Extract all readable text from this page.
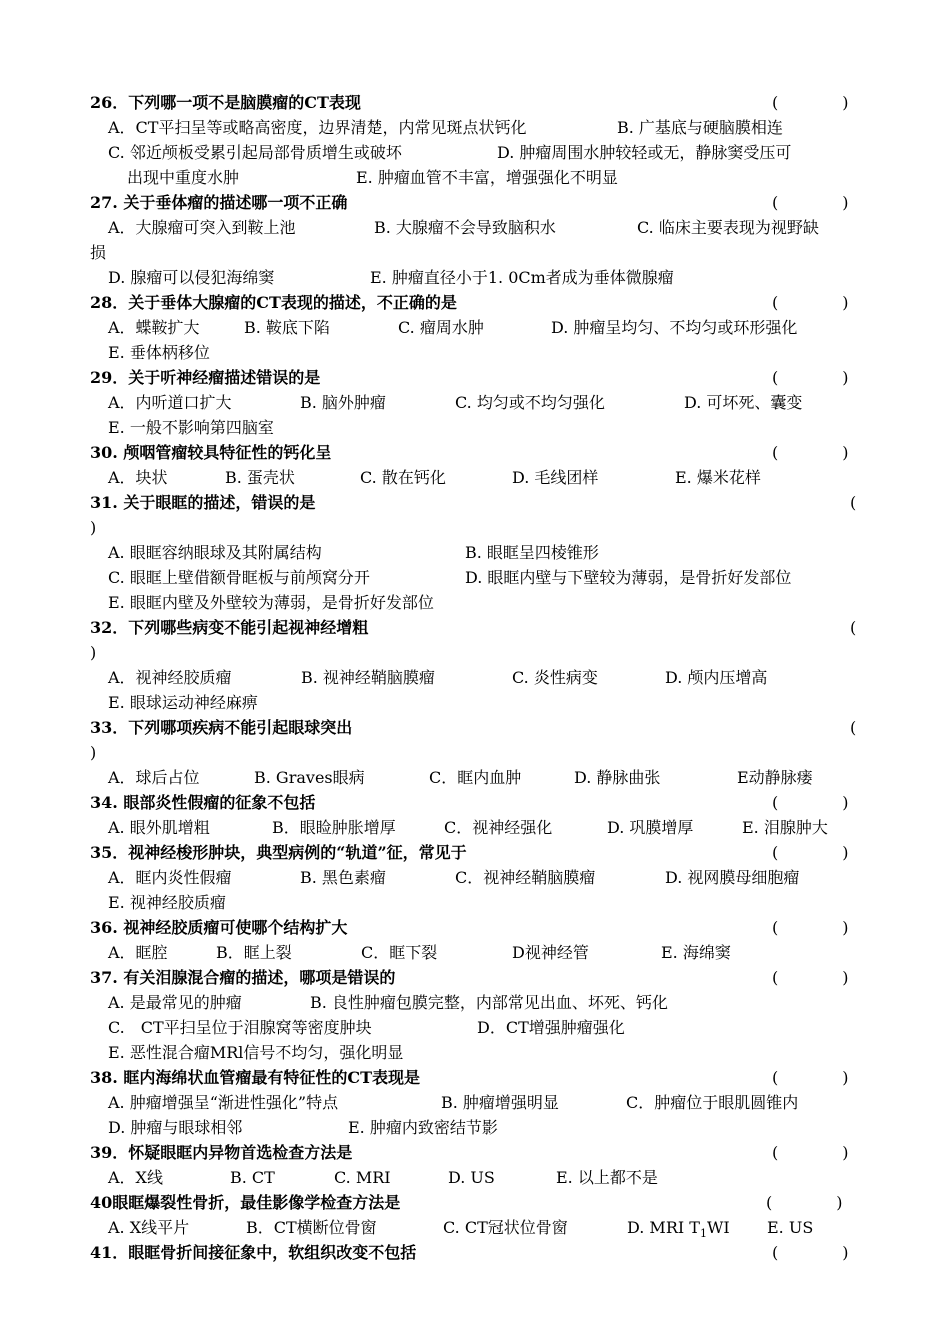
26．下列哪一项不是脑膜瘤的CT表现	(　　　　)
A．CT平扫呈等或略高密度，边界清楚，内常见斑点状钙化	B. 广基底与硬脑膜相连
C. 邻近颅板受累引起局部骨质增生或破坏	D. 肿瘤周围水肿较轻或无，静脉窦受压可
出现中重度水肿	E. 肿瘤血管不丰富，增强强化不明显
27. 关于垂体瘤的描述哪一项不正确	(　　　　)
A．大腺瘤可突入到鞍上池	B. 大腺瘤不会导致脑积水	C. 临床主要表现为视野缺
损
D. 腺瘤可以侵犯海绵窦	E. 肿瘤直径小于1. 0Cm者成为垂体微腺瘤
28．关于垂体大腺瘤的CT表现的描述，不正确的是	(　　　　)
A．蝶鞍扩大	B. 鞍底下陷	C. 瘤周水肿	D. 肿瘤呈均匀、不均匀或环形强化
E. 垂体柄移位
29．关于听神经瘤描述错误的是	(　　　　)
A．内听道口扩大	B. 脑外肿瘤	C. 均匀或不均匀强化	D. 可坏死、囊变
E. 一般不影响第四脑室
30. 颅咽管瘤较具特征性的钙化呈	(　　　　)
A．块状	B. 蛋壳状	C. 散在钙化	D. 毛线团样	E. 爆米花样
31. 关于眼眶的描述，错误的是	(
)
A. 眼眶容纳眼球及其附属结构	B. 眼眶呈四棱锥形
C. 眼眶上壁借额骨眶板与前颅窝分开	D. 眼眶内壁与下壁较为薄弱，是骨折好发部位
E. 眼眶内壁及外壁较为薄弱，是骨折好发部位
32．下列哪些病变不能引起视神经增粗	(
)
A．视神经胶质瘤	B. 视神经鞘脑膜瘤	C. 炎性病变	D. 颅内压增高
E. 眼球运动神经麻痹
33．下列哪项疾病不能引起眼球突出	(
)
A．球后占位	B. Graves眼病	C．眶内血肿	D. 静脉曲张	E动静脉瘘
34. 眼部炎性假瘤的征象不包括	(　　　　)
A. 眼外肌增粗	B．眼睑肿胀增厚	C．视神经强化	D. 巩膜增厚	E. 泪腺肿大
35．视神经梭形肿块，典型病例的“轨道”征，常见于	(　　　　)
A．眶内炎性假瘤	B. 黑色素瘤	C．视神经鞘脑膜瘤	D. 视网膜母细胞瘤
E. 视神经胶质瘤
36. 视神经胶质瘤可使哪个结构扩大	(　　　　)
A．眶腔	B．眶上裂	C．眶下裂	D视神经管	E. 海绵窦
37. 有关泪腺混合瘤的描述，哪项是错误的	(　　　　)
A. 是最常见的肿瘤	B. 良性肿瘤包膜完整，内部常见出血、坏死、钙化
C.　CT平扫呈位于泪腺窝等密度肿块	D．CT增强肿瘤强化
E. 恶性混合瘤MRl信号不均匀，强化明显
38. 眶内海绵状血管瘤最有特征性的CT表现是	(　　　　)
A. 肿瘤增强呈“渐进性强化”特点	B. 肿瘤增强明显	C．肿瘤位于眼肌圆锥内
D. 肿瘤与眼球相邻	E. 肿瘤内致密结节影
39．怀疑眼眶内异物首选检查方法是	(　　　　)
A．X线	B. CT	C. MRI	D. US	E. 以上都不是
40眼眶爆裂性骨折，最佳影像学检查方法是	(　　　　)
A. X线平片	B．CT横断位骨窗	C. CT冠状位骨窗	D. MRI $T_1WI$ E. US
41．眼眶骨折间接征象中，软组织改变不包括	(　　　　)
